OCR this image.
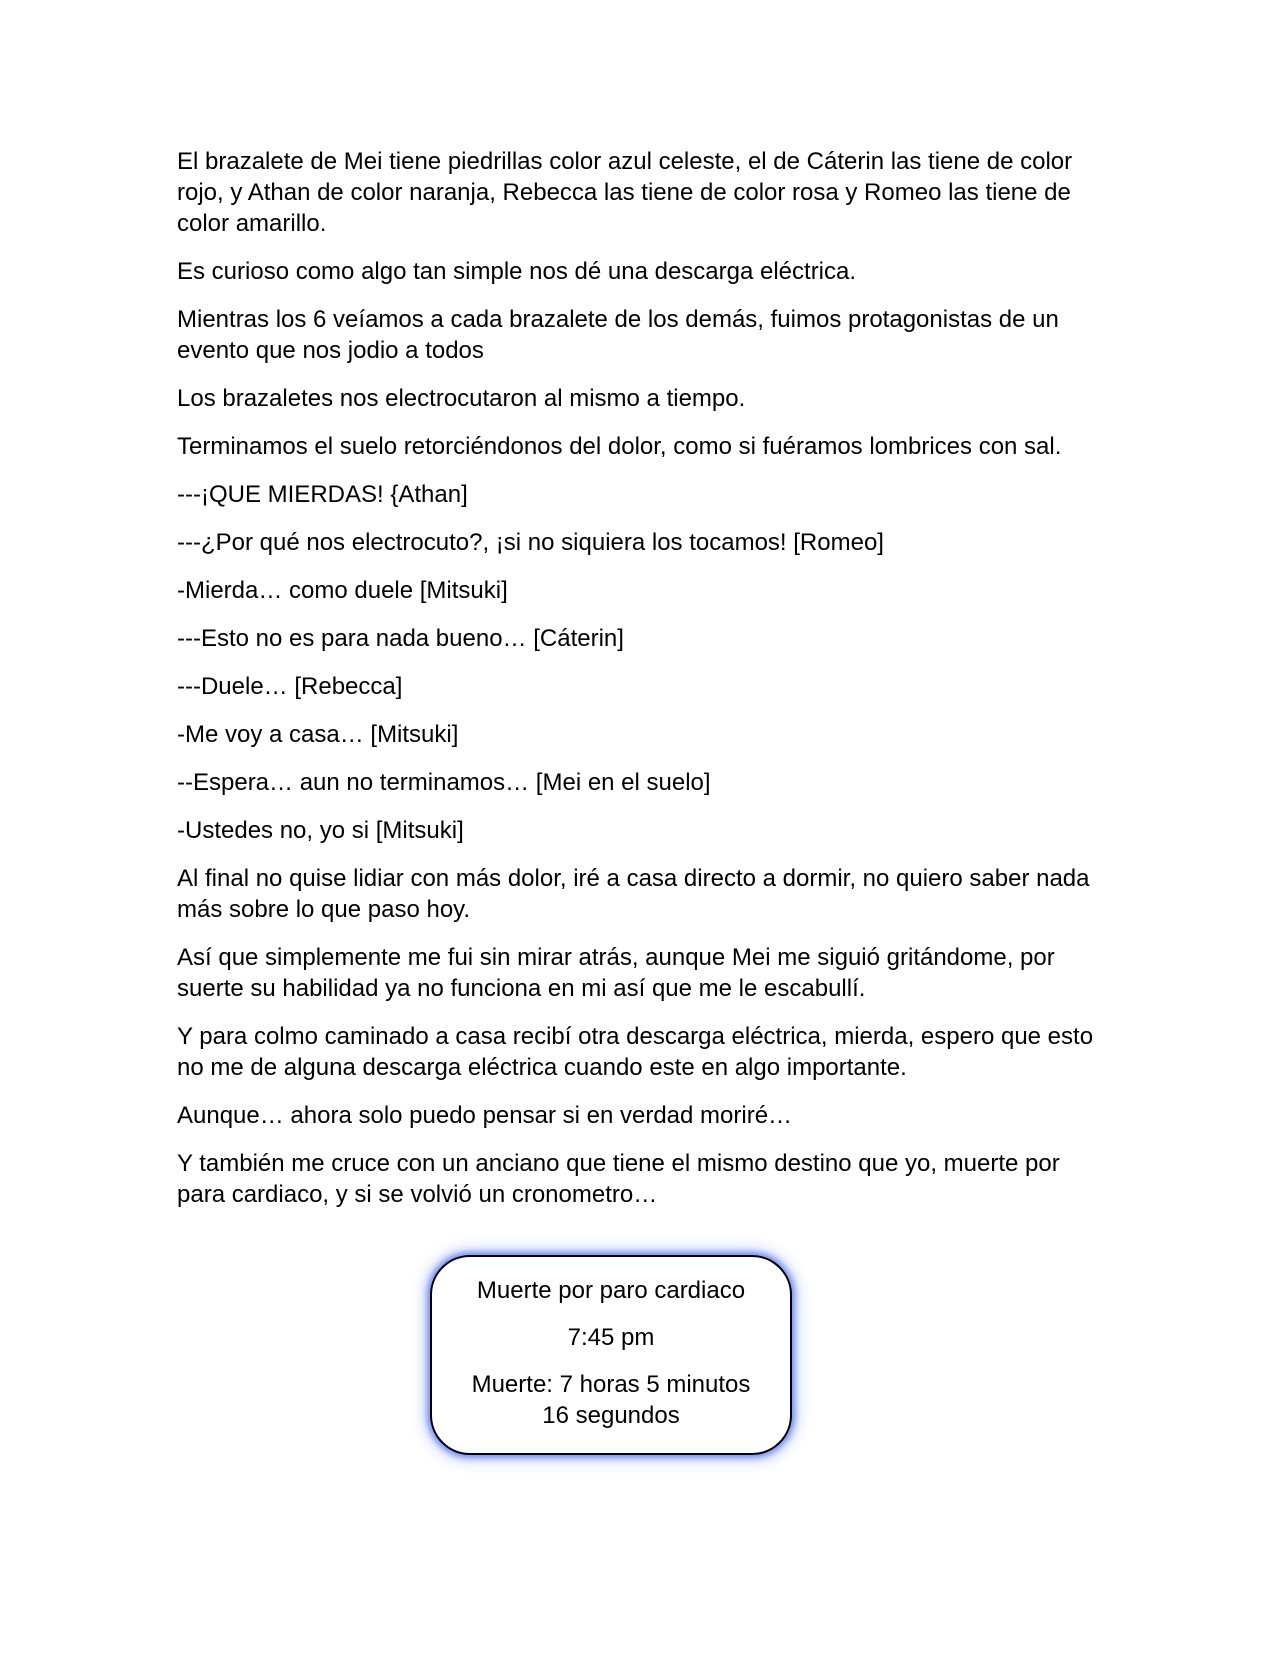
El brazalete de Mei tiene piedrillas color azul celeste, el de Cáterin las tiene de color rojo, y Athan de color naranja, Rebecca las tiene de color rosa y Romeo las tiene de color amarillo.

Es curioso como algo tan simple nos dé una descarga eléctrica.

Mientras los 6 veíamos a cada brazalete de los demás, fuimos protagonistas de un evento que nos jodio a todos

Los brazaletes nos electrocutaron al mismo a tiempo.

Terminamos el suelo retorciéndonos del dolor, como si fuéramos lombrices con sal.

---¡QUE MIERDAS! {Athan]

---¿Por qué nos electrocuto?, ¡si no siquiera los tocamos! [Romeo]

-Mierda… como duele [Mitsuki]

---Esto no es para nada bueno… [Cáterin]

---Duele… [Rebecca]

-Me voy a casa… [Mitsuki]

--Espera… aun no terminamos… [Mei en el suelo]

-Ustedes no, yo si [Mitsuki]

Al final no quise lidiar con más dolor, iré a casa directo a dormir, no quiero saber nada más sobre lo que paso hoy.

Así que simplemente me fui sin mirar atrás, aunque Mei me siguió gritándome, por suerte su habilidad ya no funciona en mi así que me le escabullí.

Y para colmo caminado a casa recibí otra descarga eléctrica, mierda, espero que esto no me de alguna descarga eléctrica cuando este en algo importante.

Aunque… ahora solo puedo pensar si en verdad moriré…

Y también me cruce con un anciano que tiene el mismo destino que yo, muerte por para cardiaco, y si se volvió un cronometro…

Muerte por paro cardiaco

7:45 pm

Muerte: 7 horas 5 minutos 16 segundos
